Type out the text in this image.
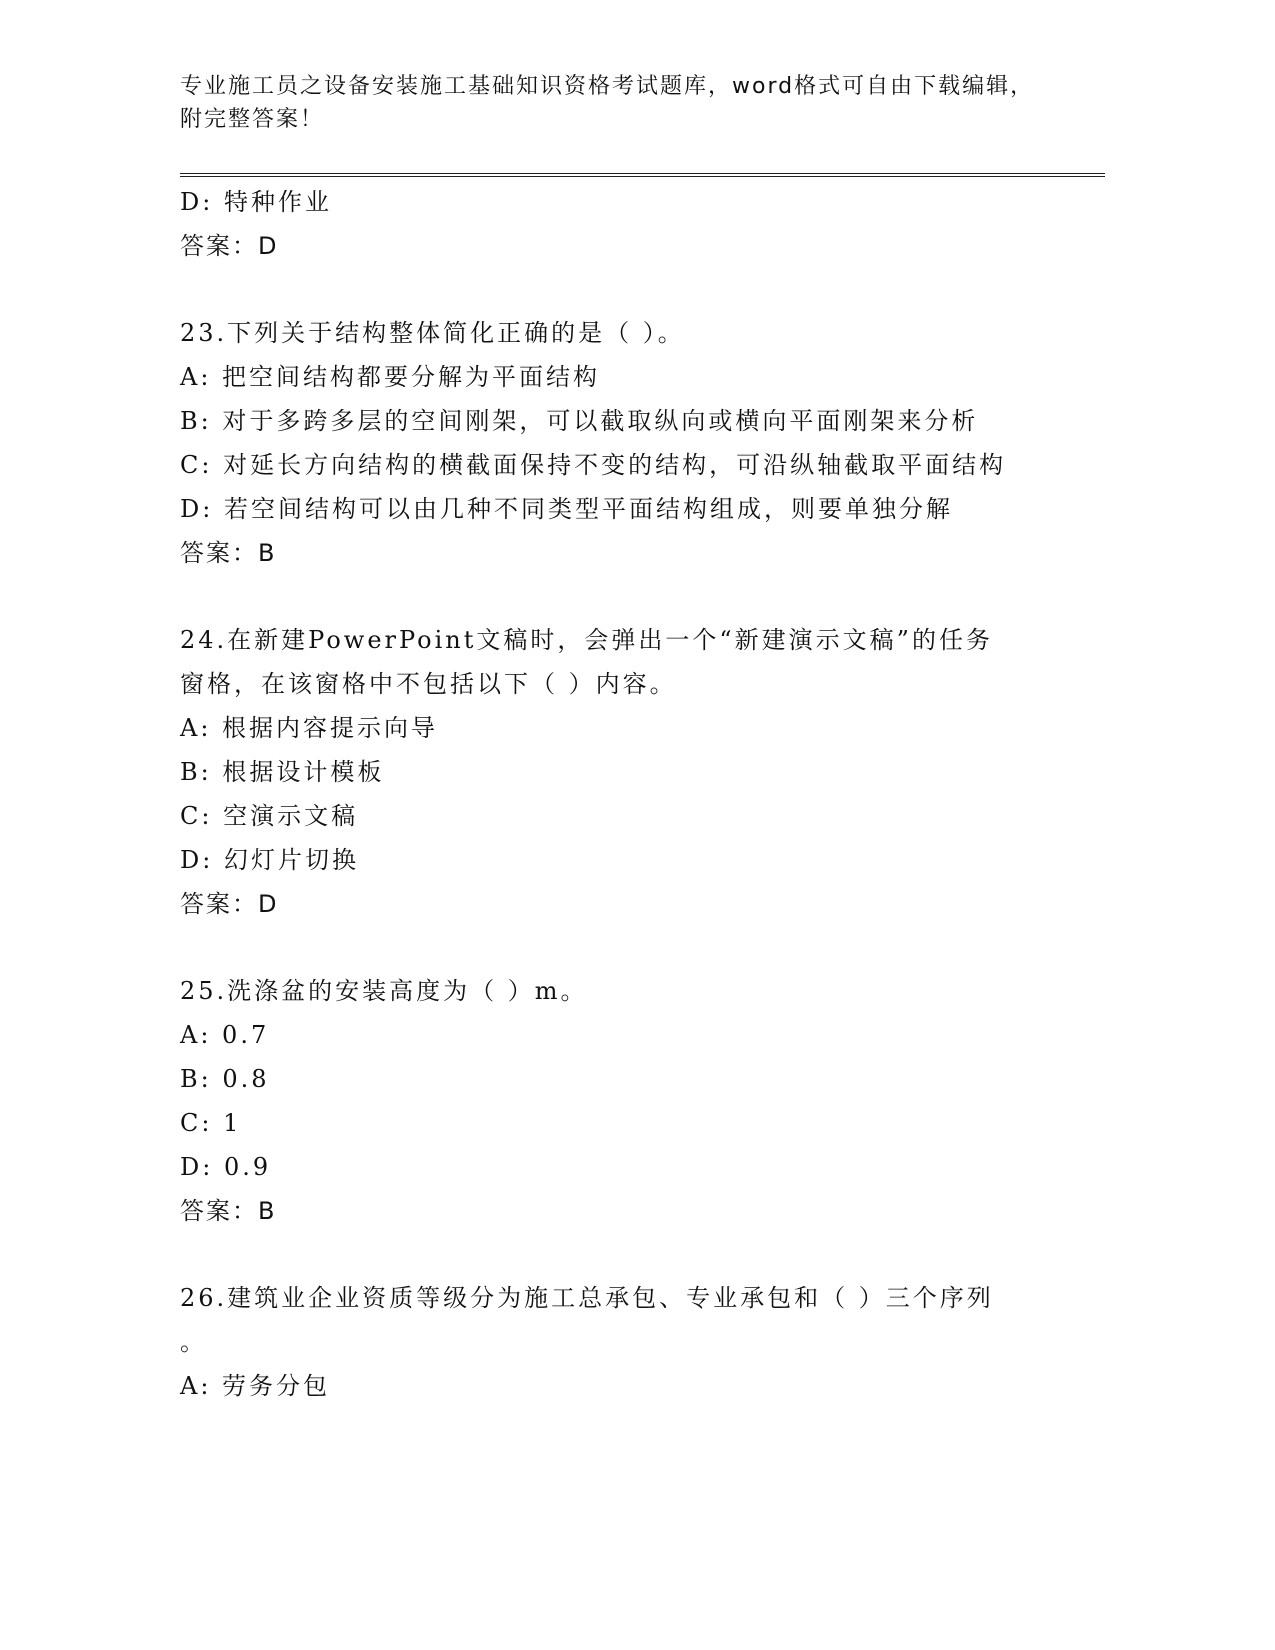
专业施工员之设备安装施工基础知识资格考试题库，word格式可自由下载编辑，附完整答案！
D: 特种作业
答案：D
23.下列关于结构整体简化正确的是（ ）。
A: 把空间结构都要分解为平面结构
B: 对于多跨多层的空间刚架，可以截取纵向或横向平面刚架来分析
C: 对延长方向结构的横截面保持不变的结构，可沿纵轴截取平面结构
D: 若空间结构可以由几种不同类型平面结构组成，则要单独分解
答案：B
24.在新建PowerPoint文稿时，会弹出一个“新建演示文稿”的任务
窗格，在该窗格中不包括以下（ ）内容。
A: 根据内容提示向导
B: 根据设计模板
C: 空演示文稿
D: 幻灯片切换
答案：D
25.洗涤盆的安装高度为（ ）m。
A: 0.7
B: 0.8
C: 1
D: 0.9
答案：B
26.建筑业企业资质等级分为施工总承包、专业承包和（ ）三个序列
。
A: 劳务分包
